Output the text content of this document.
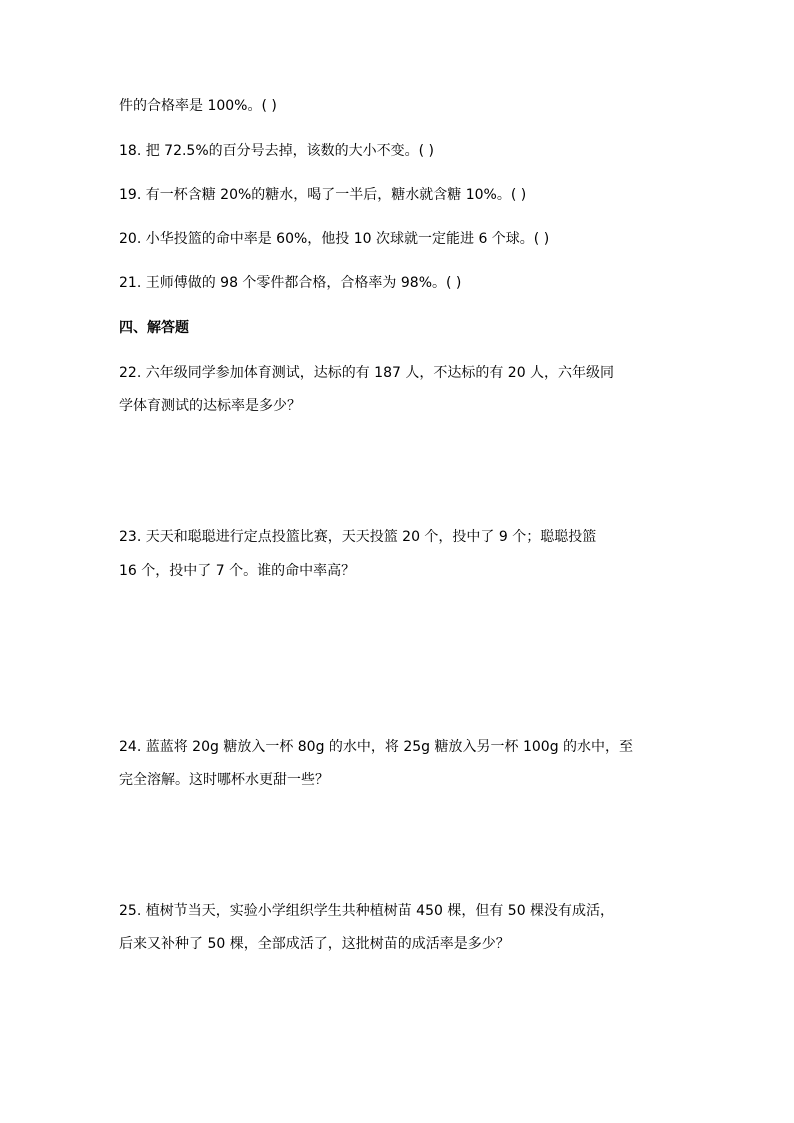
件的合格率是 100%。( )
18. 把 72.5%的百分号去掉，该数的大小不变。( )
19. 有一杯含糖 20%的糖水，喝了一半后，糖水就含糖 10%。( )
20. 小华投篮的命中率是 60%，他投 10 次球就一定能进 6 个球。( )
21. 王师傅做的 98 个零件都合格，合格率为 98%。( )
四、解答题
22. 六年级同学参加体育测试，达标的有 187 人，不达标的有 20 人，六年级同
学体育测试的达标率是多少？
23. 天天和聪聪进行定点投篮比赛，天天投篮 20 个，投中了 9 个；聪聪投篮
16 个，投中了 7 个。谁的命中率高？
24. 蓝蓝将 20g 糖放入一杯 80g 的水中，将 25g 糖放入另一杯 100g 的水中，至
完全溶解。这时哪杯水更甜一些？
25. 植树节当天，实验小学组织学生共种植树苗 450 棵，但有 50 棵没有成活，
后来又补种了 50 棵，全部成活了，这批树苗的成活率是多少？
